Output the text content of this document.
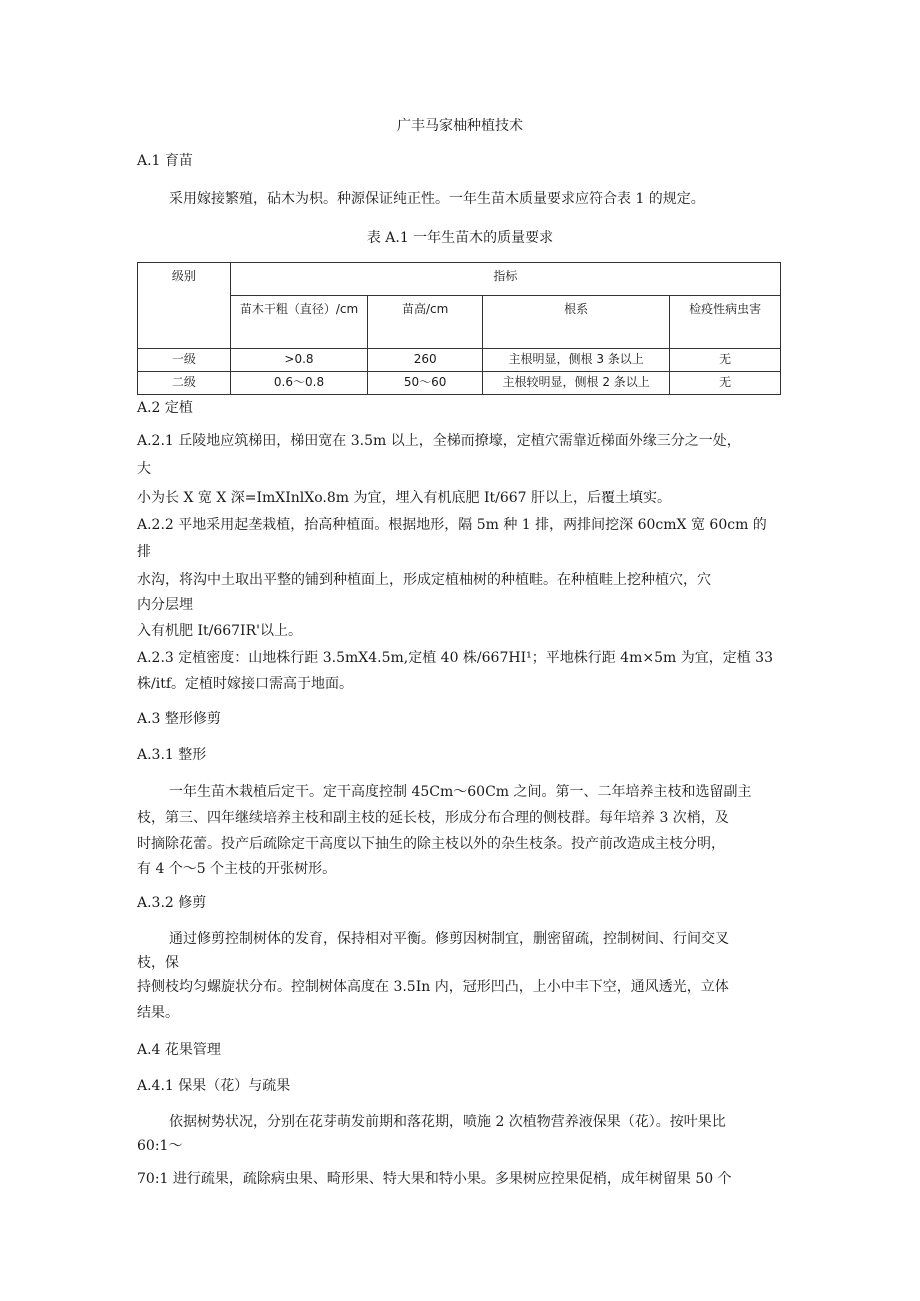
广丰马家柚种植技术
A.1 育苗
采用嫁接繁殖，砧木为枳。种源保证纯正性。一年生苗木质量要求应符合表 1 的规定。
表 A.1 一年生苗木的质量要求
级别	指标			
	苗木干粗（直径）/cm	苗高/cm	根系	检疫性病虫害
一级	>0.8	260	主根明显，侧根 3 条以上	无
二级	0.6～0.8	50～60	主根较明显，侧根 2 条以上	无
A.2 定植
A.2.1 丘陵地应筑梯田，梯田宽在 3.5m 以上，全梯而撩壕，定植穴需靠近梯面外缘三分之一处，
大
小为长 X 宽 X 深=ImXInlXo.8m 为宜，埋入有机底肥 It/667 肝以上，后覆土填实。
A.2.2 平地采用起垄栽植，抬高种植面。根据地形，隔 5m 种 1 排，两排间挖深 60cmX 宽 60cm 的
排
水沟，将沟中土取出平整的铺到种植面上，形成定植柚树的种植畦。在种植畦上挖种植穴，穴
内分层埋
入有机肥 It/667IR'以上。
A.2.3 定植密度：山地株行距 3.5mX4.5m,定植 40 株/667HI¹；平地株行距 4m×5m 为宜，定植 33
株/itf。定植时嫁接口需高于地面。
A.3 整形修剪
A.3.1 整形
一年生苗木栽植后定干。定干高度控制 45Cm～60Cm 之间。第一、二年培养主枝和选留副主
枝，第三、四年继续培养主枝和副主枝的延长枝，形成分布合理的侧枝群。每年培养 3 次梢，及
时摘除花蕾。投产后疏除定干高度以下抽生的除主枝以外的杂生枝条。投产前改造成主枝分明，
有 4 个～5 个主枝的开张树形。
A.3.2 修剪
通过修剪控制树体的发育，保持相对平衡。修剪因树制宜，删密留疏，控制树间、行间交叉
枝，保
持侧枝均匀螺旋状分布。控制树体高度在 3.5In 内，冠形凹凸，上小中丰下空，通风透光，立体
结果。
A.4 花果管理
A.4.1 保果（花）与疏果
依据树势状况，分别在花芽萌发前期和落花期，喷施 2 次植物营养液保果（花）。按叶果比
60:1～
70:1 进行疏果，疏除病虫果、畸形果、特大果和特小果。多果树应控果促梢，成年树留果 50 个
